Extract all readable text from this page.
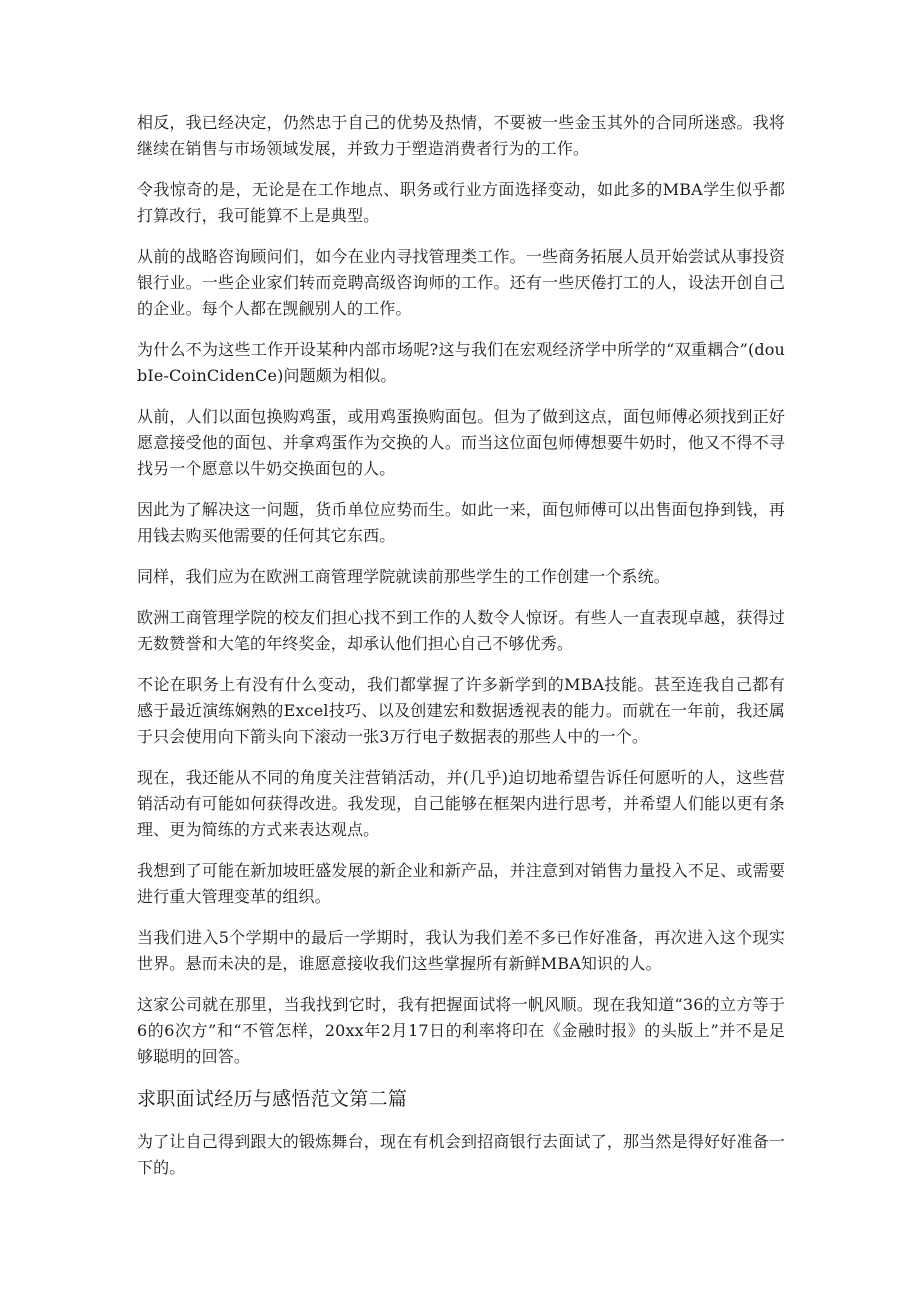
相反，我已经决定，仍然忠于自己的优势及热情，不要被一些金玉其外的合同所迷惑。我将继续在销售与市场领域发展，并致力于塑造消费者行为的工作。

令我惊奇的是，无论是在工作地点、职务或行业方面选择变动，如此多的MBA学生似乎都打算改行，我可能算不上是典型。

从前的战略咨询顾问们，如今在业内寻找管理类工作。一些商务拓展人员开始尝试从事投资银行业。一些企业家们转而竞聘高级咨询师的工作。还有一些厌倦打工的人，设法开创自己的企业。每个人都在觊觎别人的工作。

为什么不为这些工作开设某种内部市场呢?这与我们在宏观经济学中所学的“双重耦合”(doubIe-CoinCidenCe)问题颇为相似。

从前，人们以面包换购鸡蛋，或用鸡蛋换购面包。但为了做到这点，面包师傅必须找到正好愿意接受他的面包、并拿鸡蛋作为交换的人。而当这位面包师傅想要牛奶时，他又不得不寻找另一个愿意以牛奶交换面包的人。

因此为了解决这一问题，货币单位应势而生。如此一来，面包师傅可以出售面包挣到钱，再用钱去购买他需要的任何其它东西。

同样，我们应为在欧洲工商管理学院就读前那些学生的工作创建一个系统。

欧洲工商管理学院的校友们担心找不到工作的人数令人惊讶。有些人一直表现卓越，获得过无数赞誉和大笔的年终奖金，却承认他们担心自己不够优秀。

不论在职务上有没有什么变动，我们都掌握了许多新学到的MBA技能。甚至连我自己都有感于最近演练娴熟的Excel技巧、以及创建宏和数据透视表的能力。而就在一年前，我还属于只会使用向下箭头向下滚动一张3万行电子数据表的那些人中的一个。

现在，我还能从不同的角度关注营销活动，并(几乎)迫切地希望告诉任何愿听的人，这些营销活动有可能如何获得改进。我发现，自己能够在框架内进行思考，并希望人们能以更有条理、更为简练的方式来表达观点。

我想到了可能在新加坡旺盛发展的新企业和新产品，并注意到对销售力量投入不足、或需要进行重大管理变革的组织。

当我们进入5个学期中的最后一学期时，我认为我们差不多已作好准备，再次进入这个现实世界。悬而未决的是，谁愿意接收我们这些掌握所有新鲜MBA知识的人。

这家公司就在那里，当我找到它时，我有把握面试将一帆风顺。现在我知道“36的立方等于6的6次方”和“不管怎样，20xx年2月17日的利率将印在《金融时报》的头版上”并不是足够聪明的回答。

求职面试经历与感悟范文第二篇

为了让自己得到跟大的锻炼舞台，现在有机会到招商银行去面试了，那当然是得好好准备一下的。
